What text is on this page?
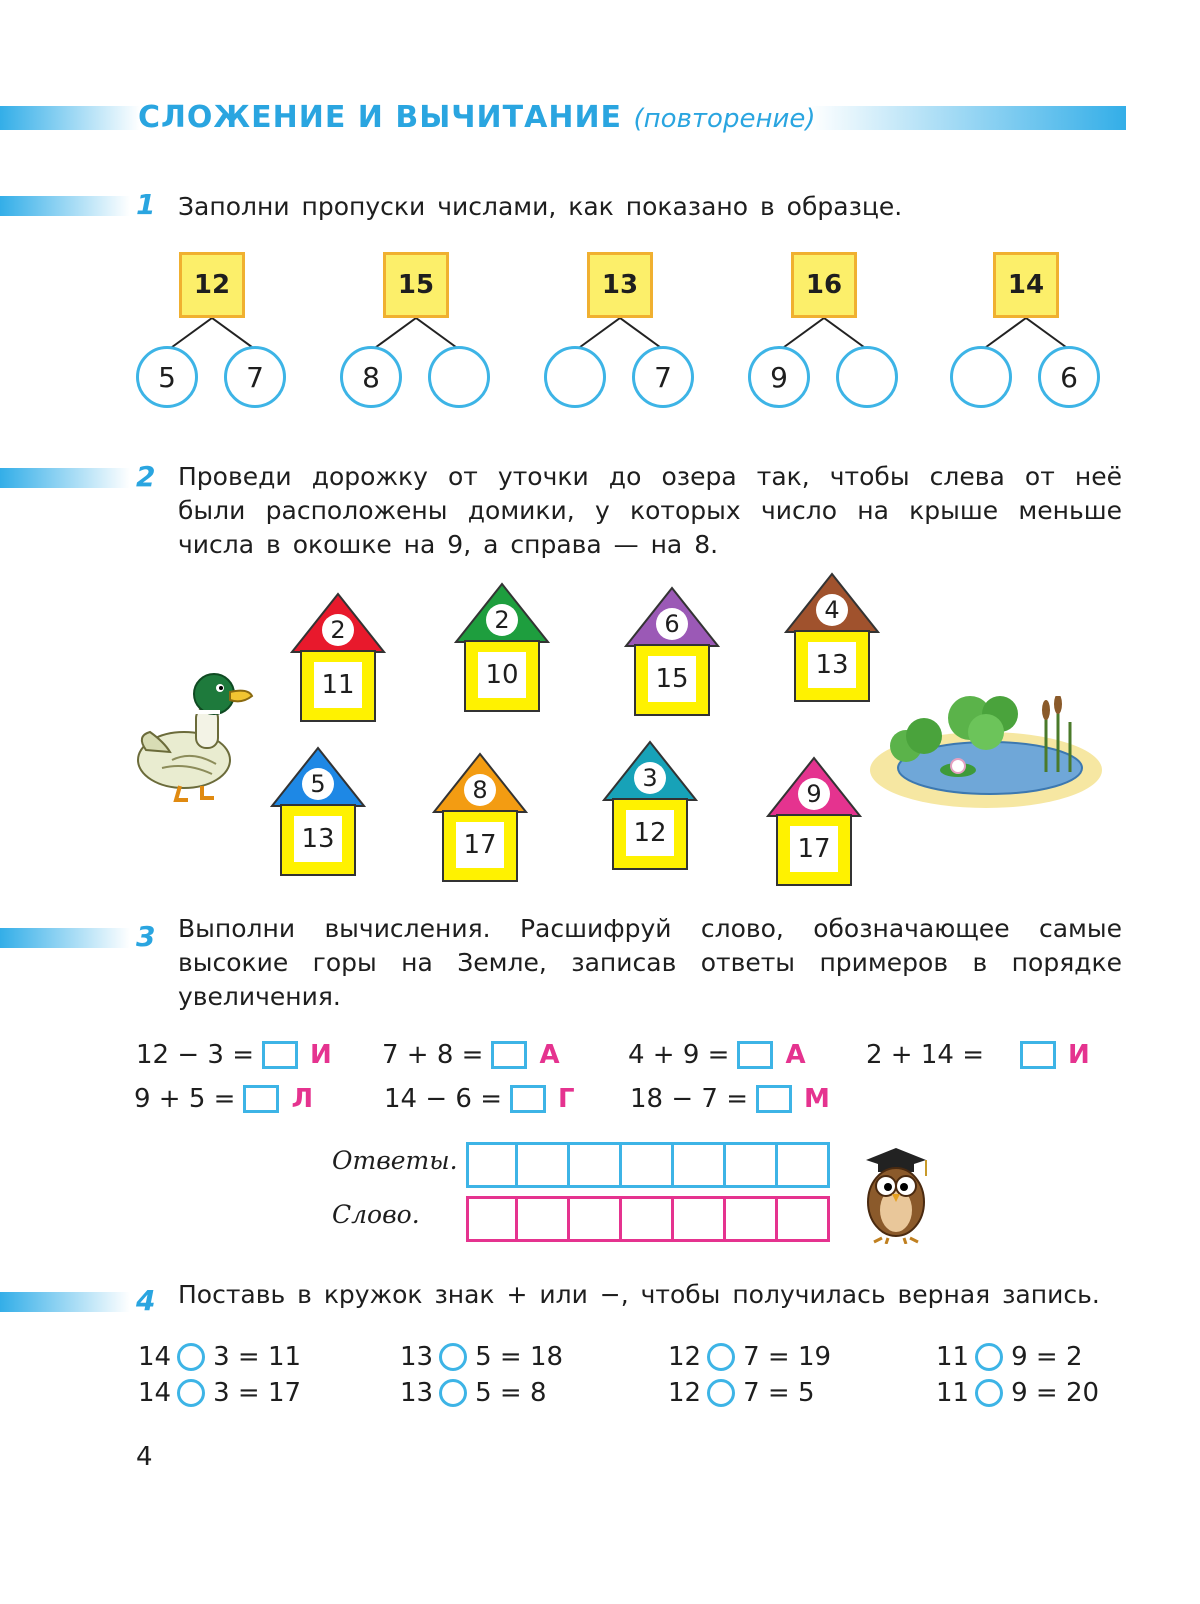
СЛОЖЕНИЕ И ВЫЧИТАНИЕ (повторение)
1 Заполни пропуски числами, как показано в образце.
12
5	7
15
8
13
7
16
9
14
6
2 Проведи дорожку от уточки до озера так, чтобы слева от неё
были расположены домики, у которых число на крыше меньше
числа в окошке на 9, а справа — на 8.
2
11
2
10
6
15
4
13
5
13
8
17
3
12
9
17
3 Выполни вычисления. Расшифруй слово, обозначающее самые
высокие горы на Земле, записав ответы примеров в порядке
увеличения.
12 − 3 = И 7 + 8 = А	4 + 9 = А 2 + 14 =	И
9 + 5 = Л	14 − 6 = Г 18 − 7 = М
Ответы.
Слово.
4 Поставь в кружок знак + или −, чтобы получилась верная запись.
14 3 = 11	13 5 = 18	12 7 = 19	11 9 = 2
14 3 = 17	13 5 = 8	12 7 = 5	11 9 = 20
4
